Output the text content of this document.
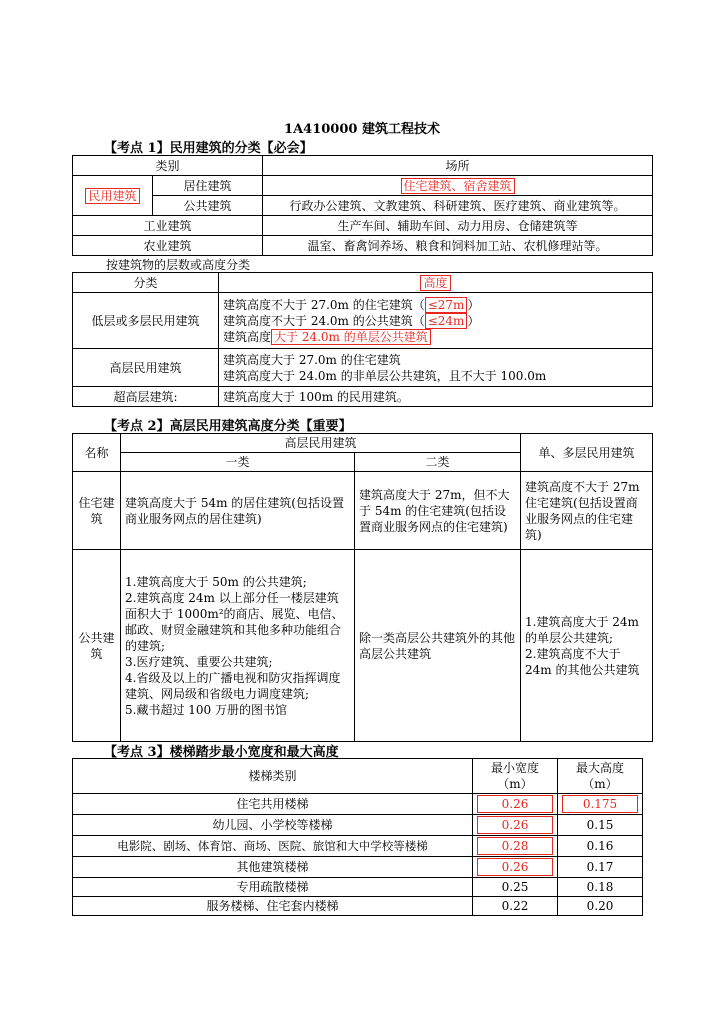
1A410000 建筑工程技术
【考点 1】民用建筑的分类【必会】
类别		场所
民用建筑	居住建筑	住宅建筑、宿舍建筑
	公共建筑	行政办公建筑、文教建筑、科研建筑、医疗建筑、商业建筑等。
工业建筑		生产车间、辅助车间、动力用房、仓储建筑等
农业建筑		温室、畜禽饲养场、粮食和饲料加工站、农机修理站等。
按建筑物的层数或高度分类
分类	高度
低层或多层民用建筑	建筑高度不大于 27.0m 的住宅建筑（ ≤27m ）
建筑高度不大于 24.0m 的公共建筑（ ≤24m ）
建筑高度 大于 24.0m 的单层公共建筑

高层民用建筑	建筑高度大于 27.0m 的住宅建筑
建筑高度大于 24.0m 的非单层公共建筑，且不大于 100.0m

超高层建筑:	建筑高度大于 100m 的民用建筑。
【考点 2】高层民用建筑高度分类【重要】
名称	高层民用建筑		单、多层民用建筑
	一类	二类	
住宅建筑	建筑高度大于 54m 的居住建筑(包括设置商业服务网点的居住建筑)	建筑高度大于 27m，但不大于 54m 的住宅建筑(包括设置商业服务网点的住宅建筑)	建筑高度不大于 27m 住宅建筑(包括设置商业服务网点的住宅建筑)
公共建筑	1.建筑高度大于 50m 的公共建筑;
2.建筑高度 24m 以上部分任一楼层建筑面积大于 1000m²的商店、展览、电信、邮政、财贸金融建筑和其他多种功能组合的建筑;
3.医疗建筑、重要公共建筑;
4.省级及以上的广播电视和防灾指挥调度建筑、网局级和省级电力调度建筑;
5.藏书超过 100 万册的图书馆	除一类高层公共建筑外的其他高层公共建筑	1.建筑高度大于 24m 的单层公共建筑;
2.建筑高度不大于 24m 的其他公共建筑
【考点 3】楼梯踏步最小宽度和最大高度
楼梯类别	最小宽度（m）	最大高度（m）
住宅共用楼梯	0.26	0.175

幼儿园、小学校等楼梯	0.26	0.15
电影院、剧场、体育馆、商场、医院、旅馆和大中学校等楼梯	0.28	0.16
其他建筑楼梯	0.26	0.17
专用疏散楼梯	0.25	0.18
服务楼梯、住宅套内楼梯	0.22	0.20
